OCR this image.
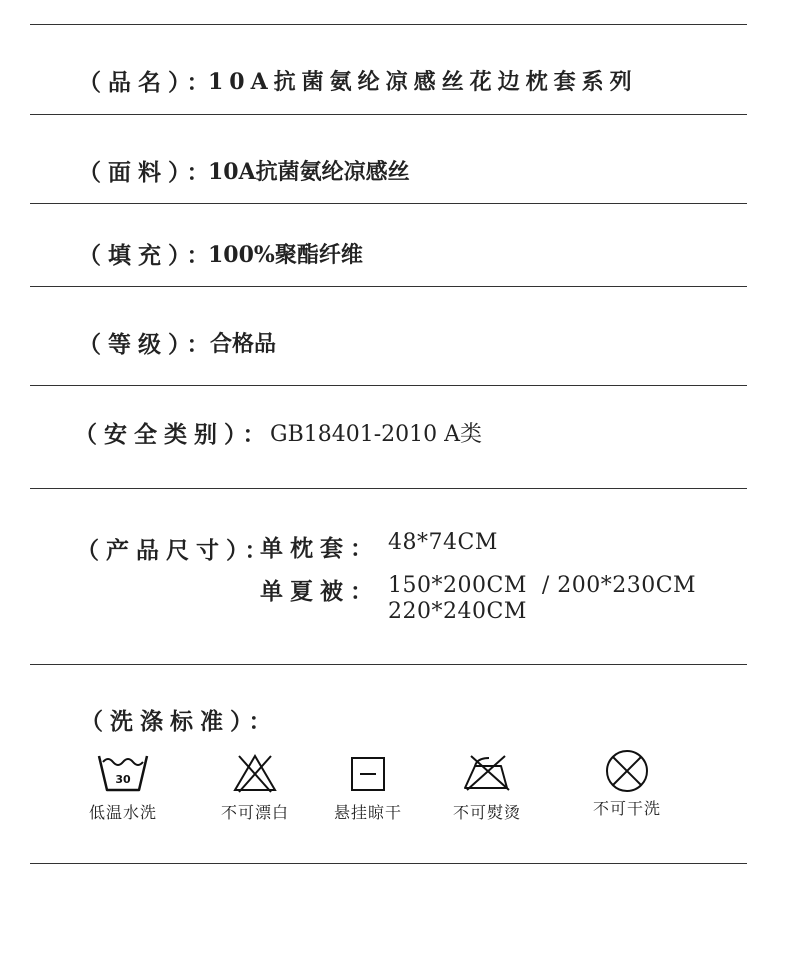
（品名）：
10A抗菌氨纶凉感丝花边枕套系列
（面料）：
10A抗菌氨纶凉感丝
（填充）：
100%聚酯纤维
（等级）：
合格品
（安全类别）：
GB18401-2010 A类
（产品尺寸）：
单枕套： 48*74CM
单夏被： 150*200CM  / 200*230CM
220*240CM
（洗涤标准）：
30
低温水洗	不可漂白	悬挂晾干	不可熨烫	不可干洗
